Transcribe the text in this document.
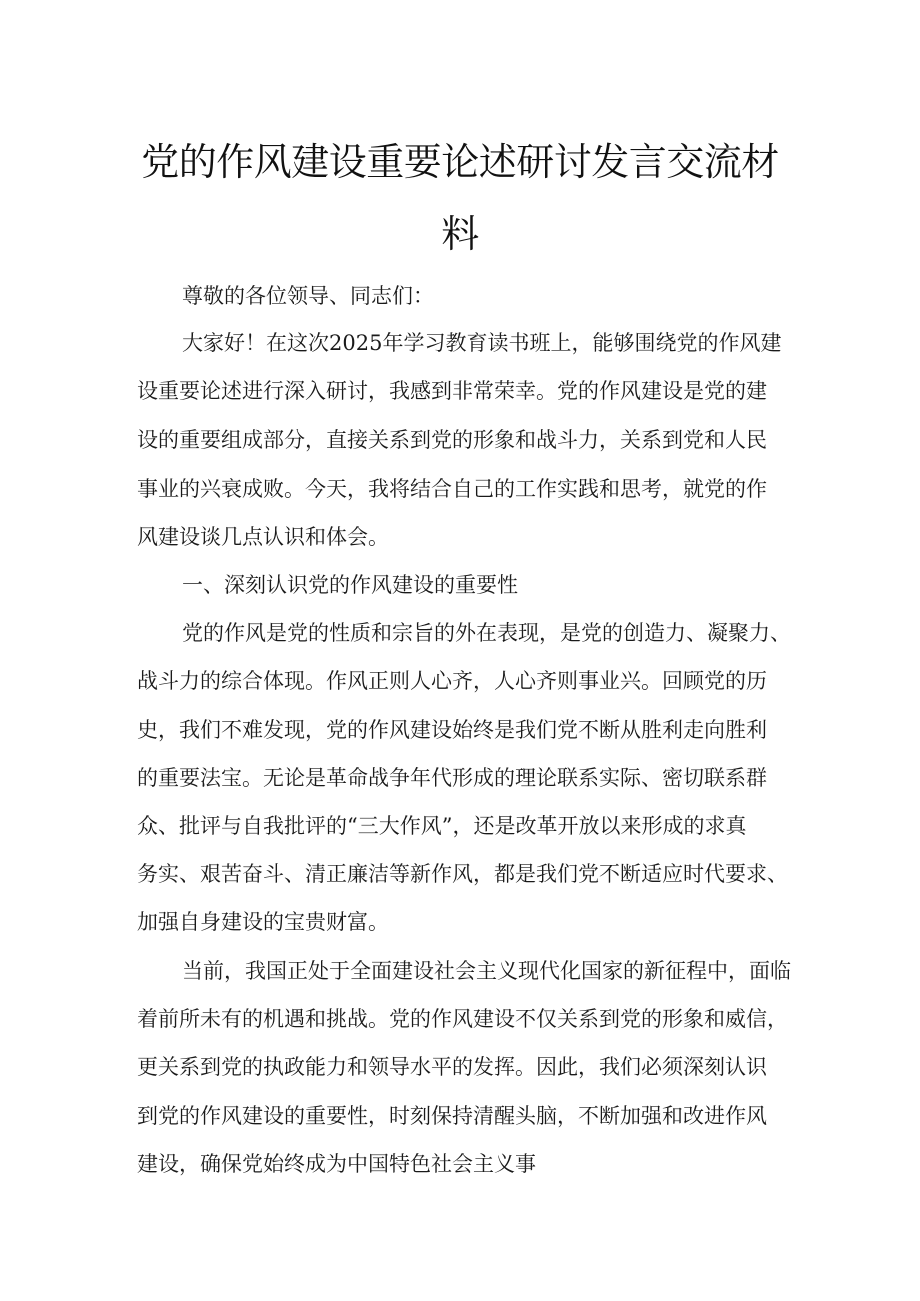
党的作风建设重要论述研讨发言交流材
料
尊敬的各位领导、同志们：
大家好！在这次2025年学习教育读书班上，能够围绕党的作风建
设重要论述进行深入研讨，我感到非常荣幸。党的作风建设是党的建
设的重要组成部分，直接关系到党的形象和战斗力，关系到党和人民
事业的兴衰成败。今天，我将结合自己的工作实践和思考，就党的作
风建设谈几点认识和体会。
一、深刻认识党的作风建设的重要性
党的作风是党的性质和宗旨的外在表现，是党的创造力、凝聚力、
战斗力的综合体现。作风正则人心齐，人心齐则事业兴。回顾党的历
史，我们不难发现，党的作风建设始终是我们党不断从胜利走向胜利
的重要法宝。无论是革命战争年代形成的理论联系实际、密切联系群
众、批评与自我批评的“三大作风”，还是改革开放以来形成的求真
务实、艰苦奋斗、清正廉洁等新作风，都是我们党不断适应时代要求、
加强自身建设的宝贵财富。
当前，我国正处于全面建设社会主义现代化国家的新征程中，面临
着前所未有的机遇和挑战。党的作风建设不仅关系到党的形象和威信，
更关系到党的执政能力和领导水平的发挥。因此，我们必须深刻认识
到党的作风建设的重要性，时刻保持清醒头脑，不断加强和改进作风
建设，确保党始终成为中国特色社会主义事
